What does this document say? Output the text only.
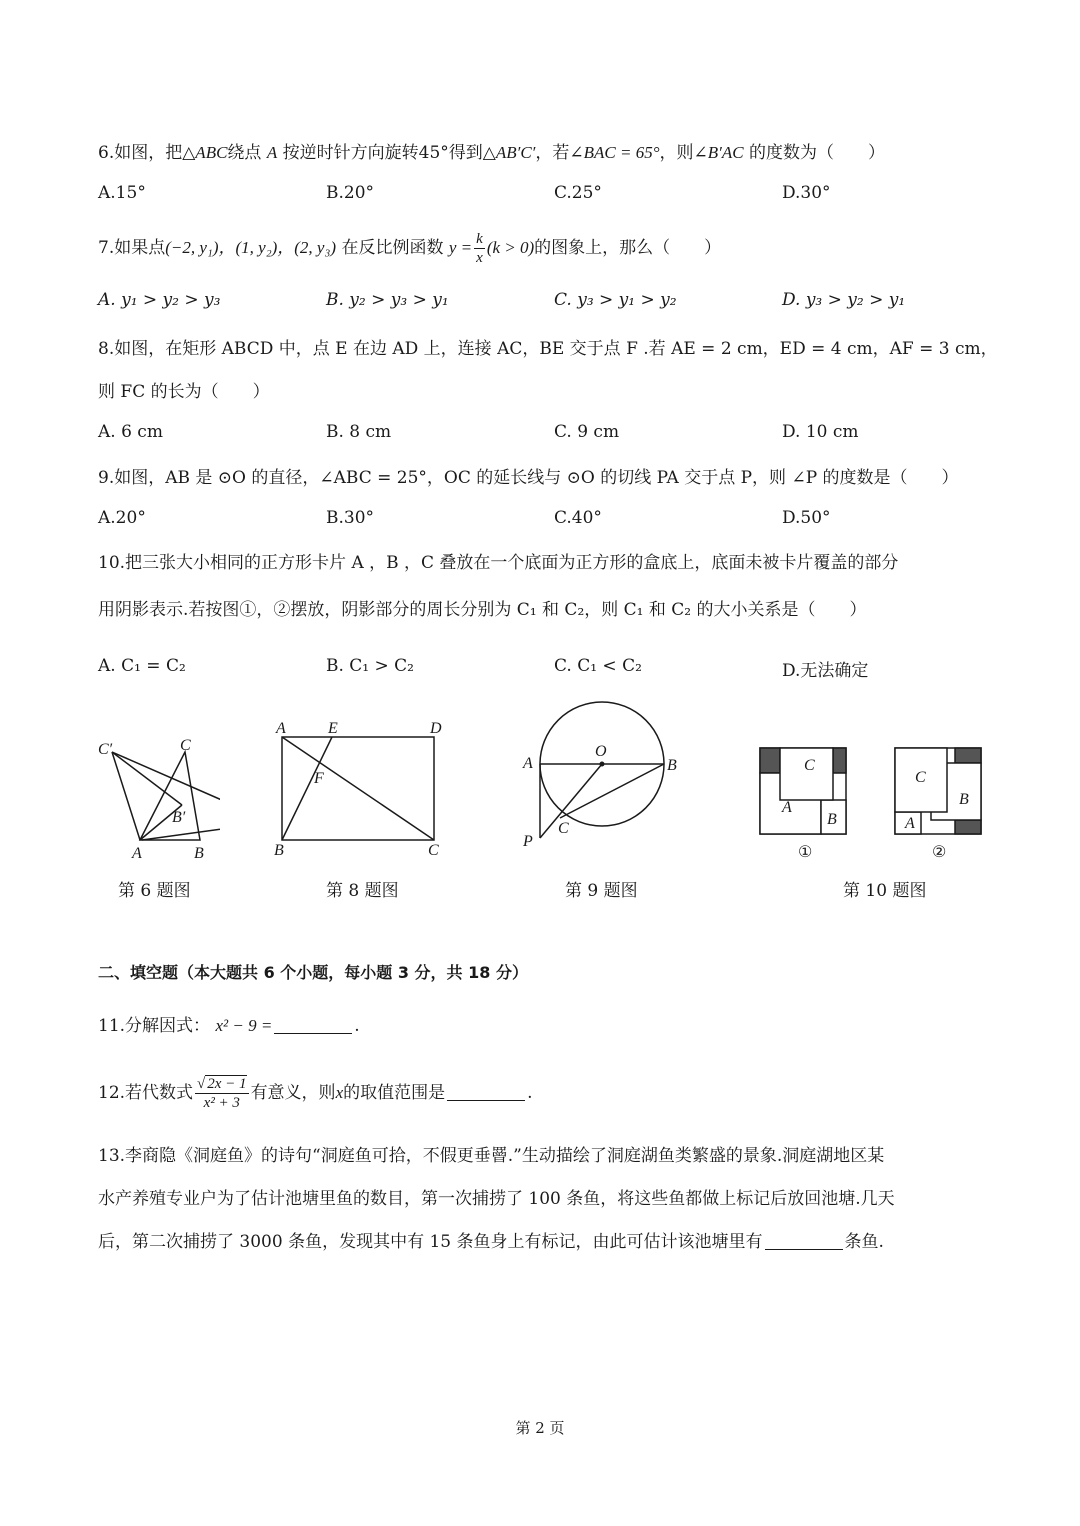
6.如图，把△ABC绕点 A 按逆时针方向旋转45°得到△AB′C′，若∠BAC = 65°，则∠B′AC 的度数为（　　）
A.15°	B.20°	C.25°	D.30°
7.如果点(−2, y₁)，(1, y₂)，(2, y₃) 在反比例函数 $y = \frac{k}{x} (k > 0)$的图象上，那么（　　）
A. y₁ > y₂ > y₃	B. y₂ > y₃ > y₁	C. y₃ > y₁ > y₂	D. y₃ > y₂ > y₁
8.如图，在矩形 ABCD 中，点 E 在边 AD 上，连接 AC，BE 交于点 F .若 AE = 2 cm，ED = 4 cm，AF = 3 cm，
则 FC 的长为（　　）
A. 6 cm	B. 8 cm	C. 9 cm	D. 10 cm
9.如图，AB 是 ⊙O 的直径，∠ABC = 25°，OC 的延长线与 ⊙O 的切线 PA 交于点 P，则 ∠P 的度数是（　　）
A.20°	B.30°	C.40°	D.50°
10.把三张大小相同的正方形卡片 A ，B ，C 叠放在一个底面为正方形的盒底上，底面未被卡片覆盖的部分
用阴影表示.若按图①，②摆放，阴影部分的周长分别为 C₁ 和 C₂，则 C₁ 和 C₂ 的大小关系是（　　）
A. C₁ = C₂	B. C₁ > C₂	C. C₁ < C₂	D.无法确定
C′	C
B′
A	B
A	E	D
F
B	C
O
A	B
P
C
C
A
B
①
C
B
A
②
第 6 题图	第 8 题图	第 9 题图	第 10 题图
二、填空题（本大题共 6 个小题，每小题 3 分，共 18 分）
11.分解因式： x² − 9 =	.
12.若代数式 $\frac{√ 2x - 1}{\text{x² + 3}}$ 有意义，则x的取值范围是	.
13.李商隐《洞庭鱼》的诗句“洞庭鱼可拾，不假更垂罾.”生动描绘了洞庭湖鱼类繁盛的景象.洞庭湖地区某
水产养殖专业户为了估计池塘里鱼的数目，第一次捕捞了 100 条鱼，将这些鱼都做上标记后放回池塘.几天
后，第二次捕捞了 3000 条鱼，发现其中有 15 条鱼身上有标记，由此可估计该池塘里有	条鱼.
第 2 页
